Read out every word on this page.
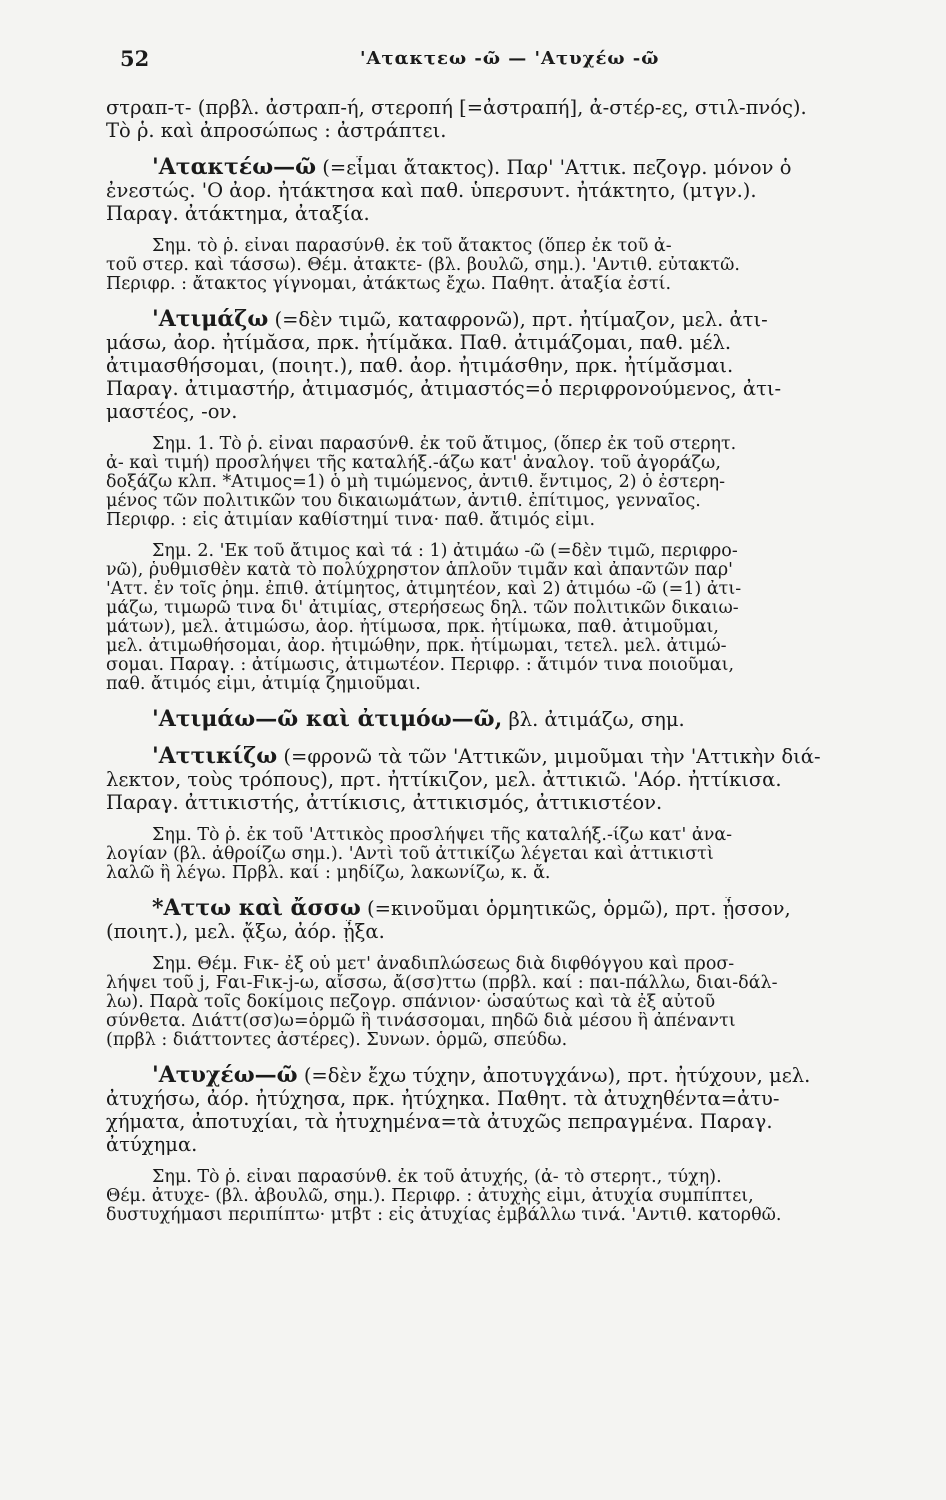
52	'Ατακτεω -ῶ — 'Ατυχέω -ῶ
στραπ-τ- (πρβλ. ἀστραπ-ή, στεροπή [=ἀστραπή], ἀ-στέρ-ες, στιλ-πνός).
Τὸ ῥ. καὶ ἀπροσώπως : ἀστράπτει.
'Ατακτέω—ῶ (=εἶμαι ἄτακτος). Παρ' 'Αττικ. πεζογρ. μόνον ὁ
ἐνεστώς. 'Ο ἀορ. ἠτάκτησα καὶ παθ. ὑπερσυντ. ἠτάκτητο, (μτγν.).
Παραγ. ἀτάκτημα, ἀταξία.
Σημ. τὸ ῥ. εἶναι παρασύνθ. ἐκ τοῦ ἄτακτος (ὅπερ ἐκ τοῦ ἀ-
τοῦ στερ. καὶ τάσσω). Θέμ. ἀτακτε- (βλ. βουλῶ, σημ.). 'Αντιθ. εὐτακτῶ.
Περιφρ. : ἄτακτος γίγνομαι, ἀτάκτως ἔχω. Παθητ. ἀταξία ἐστί.
'Ατιμάζω (=δὲν τιμῶ, καταφρονῶ), πρτ. ἠτίμαζον, μελ. ἀτι-
μάσω, ἀορ. ἠτίμᾰσα, πρκ. ἠτίμᾰκα. Παθ. ἀτιμάζομαι, παθ. μέλ.
ἀτιμασθήσομαι, (ποιητ.), παθ. ἀορ. ἠτιμάσθην, πρκ. ἠτίμᾰσμαι.
Παραγ. ἀτιμαστήρ, ἀτιμασμός, ἀτιμαστός=ὁ περιφρονούμενος, ἀτι-
μαστέος, -ον.
Σημ. 1. Τὸ ῥ. εἶναι παρασύνθ. ἐκ τοῦ ἄτιμος, (ὅπερ ἐκ τοῦ στερητ.
ἀ- καὶ τιμή) προσλήψει τῆς καταλήξ.-άζω κατ' ἀναλογ. τοῦ ἀγοράζω,
δοξάζω κλπ. *Ατιμος=1) ὁ μὴ τιμώμενος, ἀντιθ. ἔντιμος, 2) ὁ ἐστερη-
μένος τῶν πολιτικῶν του δικαιωμάτων, ἀντιθ. ἐπίτιμος, γενναῖος.
Περιφρ. : εἰς ἀτιμίαν καθίστημί τινα· παθ. ἄτιμός εἰμι.
Σημ. 2. 'Εκ τοῦ ἄτιμος καὶ τά : 1) ἀτιμάω -ῶ (=δὲν τιμῶ, περιφρο-
νῶ), ῥυθμισθὲν κατὰ τὸ πολύχρηστον ἁπλοῦν τιμᾶν καὶ ἀπαντῶν παρ'
'Αττ. ἐν τοῖς ῥημ. ἐπιθ. ἀτίμητος, ἀτιμητέον, καὶ 2) ἀτιμόω -ῶ (=1) ἀτι-
μάζω, τιμωρῶ τινα δι' ἀτιμίας, στερήσεως δηλ. τῶν πολιτικῶν δικαιω-
μάτων), μελ. ἀτιμώσω, ἀορ. ἠτίμωσα, πρκ. ἠτίμωκα, παθ. ἀτιμοῦμαι,
μελ. ἀτιμωθήσομαι, ἀορ. ἠτιμώθην, πρκ. ἠτίμωμαι, τετελ. μελ. ἀτιμώ-
σομαι. Παραγ. : ἀτίμωσις, ἀτιμωτέον. Περιφρ. : ἄτιμόν τινα ποιοῦμαι,
παθ. ἄτιμός εἰμι, ἀτιμίᾳ ζημιοῦμαι.
'Ατιμάω—ῶ καὶ ἀτιμόω—ῶ, βλ. ἀτιμάζω, σημ.
'Αττικίζω (=φρονῶ τὰ τῶν 'Αττικῶν, μιμοῦμαι τὴν 'Αττικὴν διά-
λεκτον, τοὺς τρόπους), πρτ. ἠττίκιζον, μελ. ἀττικιῶ. 'Αόρ. ἠττίκισα.
Παραγ. ἀττικιστής, ἀττίκισις, ἀττικισμός, ἀττικιστέον.
Σημ. Τὸ ῥ. ἐκ τοῦ 'Αττικὸς προσλήψει τῆς καταλήξ.-ίζω κατ' ἀνα-
λογίαν (βλ. ἀθροίζω σημ.). 'Αντὶ τοῦ ἀττικίζω λέγεται καὶ ἀττικιστὶ
λαλῶ ἢ λέγω. Πρβλ. καί : μηδίζω, λακωνίζω, κ. ἄ.
*Αττω καὶ ἄσσω (=κινοῦμαι ὁρμητικῶς, ὁρμῶ), πρτ. ᾖσσον,
(ποιητ.), μελ. ᾄξω, ἀόρ. ᾖξα.
Σημ. Θέμ. Fικ- ἐξ οὗ μετ' ἀναδιπλώσεως διὰ διφθόγγου καὶ προσ-
λήψει τοῦ j, Fαι-Fικ-j-ω, αἴσσω, ἄ(σσ)ττω (πρβλ. καί : παι-πάλλω, διαι-δάλ-
λω). Παρὰ τοῖς δοκίμοις πεζογρ. σπάνιον· ὡσαύτως καὶ τὰ ἐξ αὐτοῦ
σύνθετα. Διάττ(σσ)ω=ὁρμῶ ἢ τινάσσομαι, πηδῶ διὰ μέσου ἢ ἀπέναντι
(πρβλ : διάττοντες ἀστέρες). Συνων. ὁρμῶ, σπεύδω.
'Ατυχέω—ῶ (=δὲν ἔχω τύχην, ἀποτυγχάνω), πρτ. ἠτύχουν, μελ.
ἀτυχήσω, ἀόρ. ἠτύχησα, πρκ. ἠτύχηκα. Παθητ. τὰ ἀτυχηθέντα=ἀτυ-
χήματα, ἀποτυχίαι, τὰ ἠτυχημένα=τὰ ἀτυχῶς πεπραγμένα. Παραγ.
ἀτύχημα.
Σημ. Τὸ ῥ. εἶναι παρασύνθ. ἐκ τοῦ ἀτυχής, (ἀ- τὸ στερητ., τύχη).
Θέμ. ἀτυχε- (βλ. ἀβουλῶ, σημ.). Περιφρ. : ἀτυχὴς εἰμι, ἀτυχία συμπίπτει,
δυστυχήμασι περιπίπτω· μτβτ : εἰς ἀτυχίας ἐμβάλλω τινά. 'Αντιθ. κατορθῶ.
